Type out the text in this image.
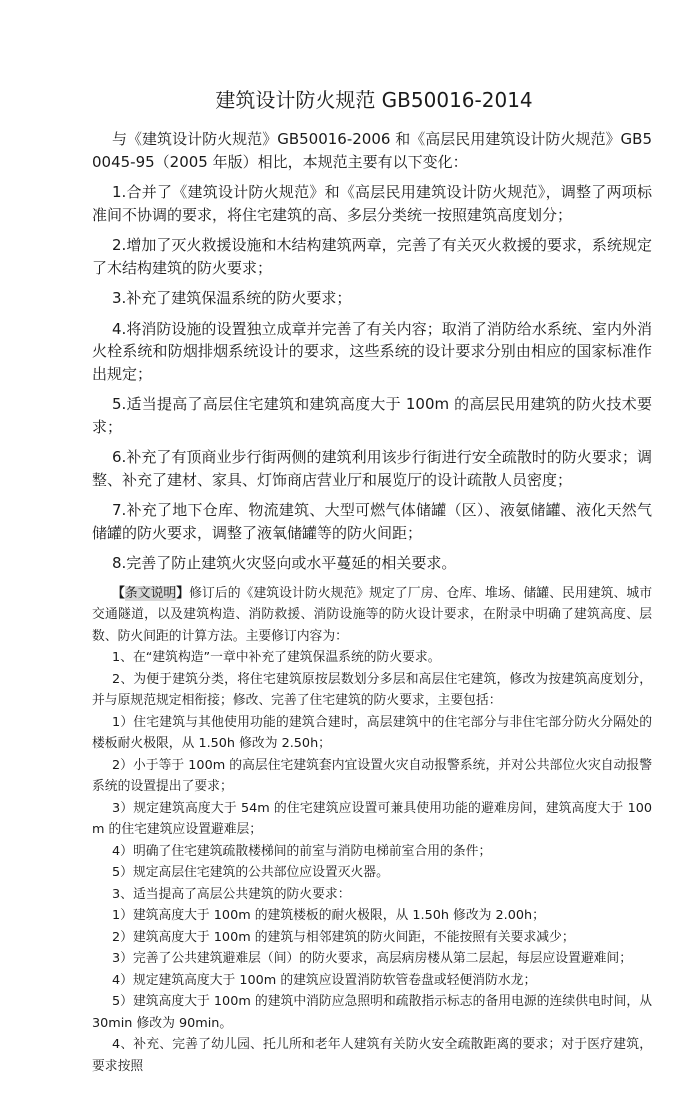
建筑设计防火规范 GB50016-2014

与《建筑设计防火规范》GB50016-2006 和《高层民用建筑设计防火规范》GB50045-95（2005 年版）相比，本规范主要有以下变化：

1.合并了《建筑设计防火规范》和《高层民用建筑设计防火规范》，调整了两项标准间不协调的要求，将住宅建筑的高、多层分类统一按照建筑高度划分；

2.增加了灭火救援设施和木结构建筑两章，完善了有关灭火救援的要求，系统规定了木结构建筑的防火要求；

3.补充了建筑保温系统的防火要求；

4.将消防设施的设置独立成章并完善了有关内容；取消了消防给水系统、室内外消火栓系统和防烟排烟系统设计的要求，这些系统的设计要求分别由相应的国家标准作出规定；

5.适当提高了高层住宅建筑和建筑高度大于 100m 的高层民用建筑的防火技术要求；

6.补充了有顶商业步行街两侧的建筑利用该步行街进行安全疏散时的防火要求；调整、补充了建材、家具、灯饰商店营业厅和展览厅的设计疏散人员密度；

7.补充了地下仓库、物流建筑、大型可燃气体储罐（区）、液氨储罐、液化天然气储罐的防火要求，调整了液氧储罐等的防火间距；

8.完善了防止建筑火灾竖向或水平蔓延的相关要求。

【条文说明】修订后的《建筑设计防火规范》规定了厂房、仓库、堆场、储罐、民用建筑、城市交通隧道，以及建筑构造、消防救援、消防设施等的防火设计要求，在附录中明确了建筑高度、层数、防火间距的计算方法。主要修订内容为：

1、在“建筑构造”一章中补充了建筑保温系统的防火要求。

2、为便于建筑分类，将住宅建筑原按层数划分多层和高层住宅建筑，修改为按建筑高度划分，并与原规范规定相衔接；修改、完善了住宅建筑的防火要求，主要包括：

1）住宅建筑与其他使用功能的建筑合建时，高层建筑中的住宅部分与非住宅部分防火分隔处的楼板耐火极限，从 1.50h 修改为 2.50h；

2）小于等于 100m 的高层住宅建筑套内宜设置火灾自动报警系统，并对公共部位火灾自动报警系统的设置提出了要求；

3）规定建筑高度大于 54m 的住宅建筑应设置可兼具使用功能的避难房间，建筑高度大于 100m 的住宅建筑应设置避难层；

4）明确了住宅建筑疏散楼梯间的前室与消防电梯前室合用的条件；

5）规定高层住宅建筑的公共部位应设置灭火器。

3、适当提高了高层公共建筑的防火要求：

1）建筑高度大于 100m 的建筑楼板的耐火极限，从 1.50h 修改为 2.00h；

2）建筑高度大于 100m 的建筑与相邻建筑的防火间距，不能按照有关要求减少；

3）完善了公共建筑避难层（间）的防火要求，高层病房楼从第二层起，每层应设置避难间；

4）规定建筑高度大于 100m 的建筑应设置消防软管卷盘或轻便消防水龙；

5）建筑高度大于 100m 的建筑中消防应急照明和疏散指示标志的备用电源的连续供电时间，从 30min 修改为 90min。

4、补充、完善了幼儿园、托儿所和老年人建筑有关防火安全疏散距离的要求；对于医疗建筑，要求按照
